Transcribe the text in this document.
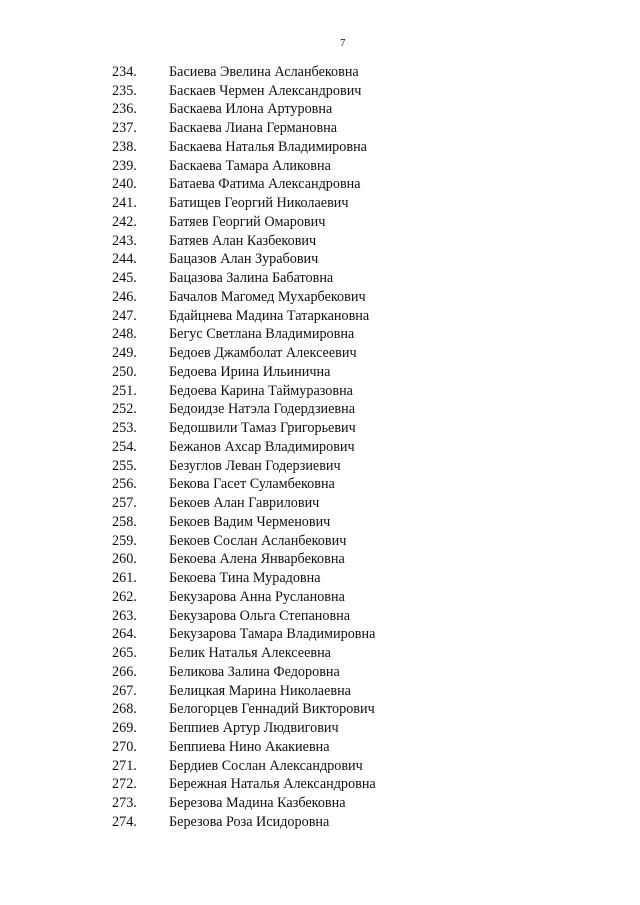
7
234.	Басиева Эвелина Асланбековна
235.	Баскаев Чермен Александрович
236.	Баскаева Илона Артуровна
237.	Баскаева Лиана Германовна
238.	Баскаева Наталья Владимировна
239.	Баскаева Тамара Аликовна
240.	Батаева Фатима Александровна
241.	Батищев Георгий Николаевич
242.	Батяев Георгий Омарович
243.	Батяев Алан Казбекович
244.	Бацазов Алан Зурабович
245.	Бацазова Залина Бабатовна
246.	Бачалов Магомед Мухарбекович
247.	Бдайцнева Мадина Татаркановна
248.	Бегус Светлана Владимировна
249.	Бедоев Джамболат Алексеевич
250.	Бедоева Ирина Ильинична
251.	Бедоева Карина Таймуразовна
252.	Бедоидзе Натэла Годердзиевна
253.	Бедошвили Тамаз Григорьевич
254.	Бежанов Ахсар Владимирович
255.	Безуглов Леван Годерзиевич
256.	Бекова Гасет Суламбековна
257.	Бекоев Алан Гаврилович
258.	Бекоев Вадим Черменович
259.	Бекоев Сослан Асланбекович
260.	Бекоева Алена Январбековна
261.	Бекоева Тина Мурадовна
262.	Бекузарова Анна Руслановна
263.	Бекузарова Ольга Степановна
264.	Бекузарова Тамара Владимировна
265.	Белик Наталья Алексеевна
266.	Беликова Залина Федоровна
267.	Белицкая Марина Николаевна
268.	Белогорцев Геннадий Викторович
269.	Беппиев Артур Людвигович
270.	Беппиева Нино Акакиевна
271.	Бердиев Сослан Александрович
272.	Бережная Наталья Александровна
273.	Березова Мадина Казбековна
274.	Березова Роза Исидоровна
